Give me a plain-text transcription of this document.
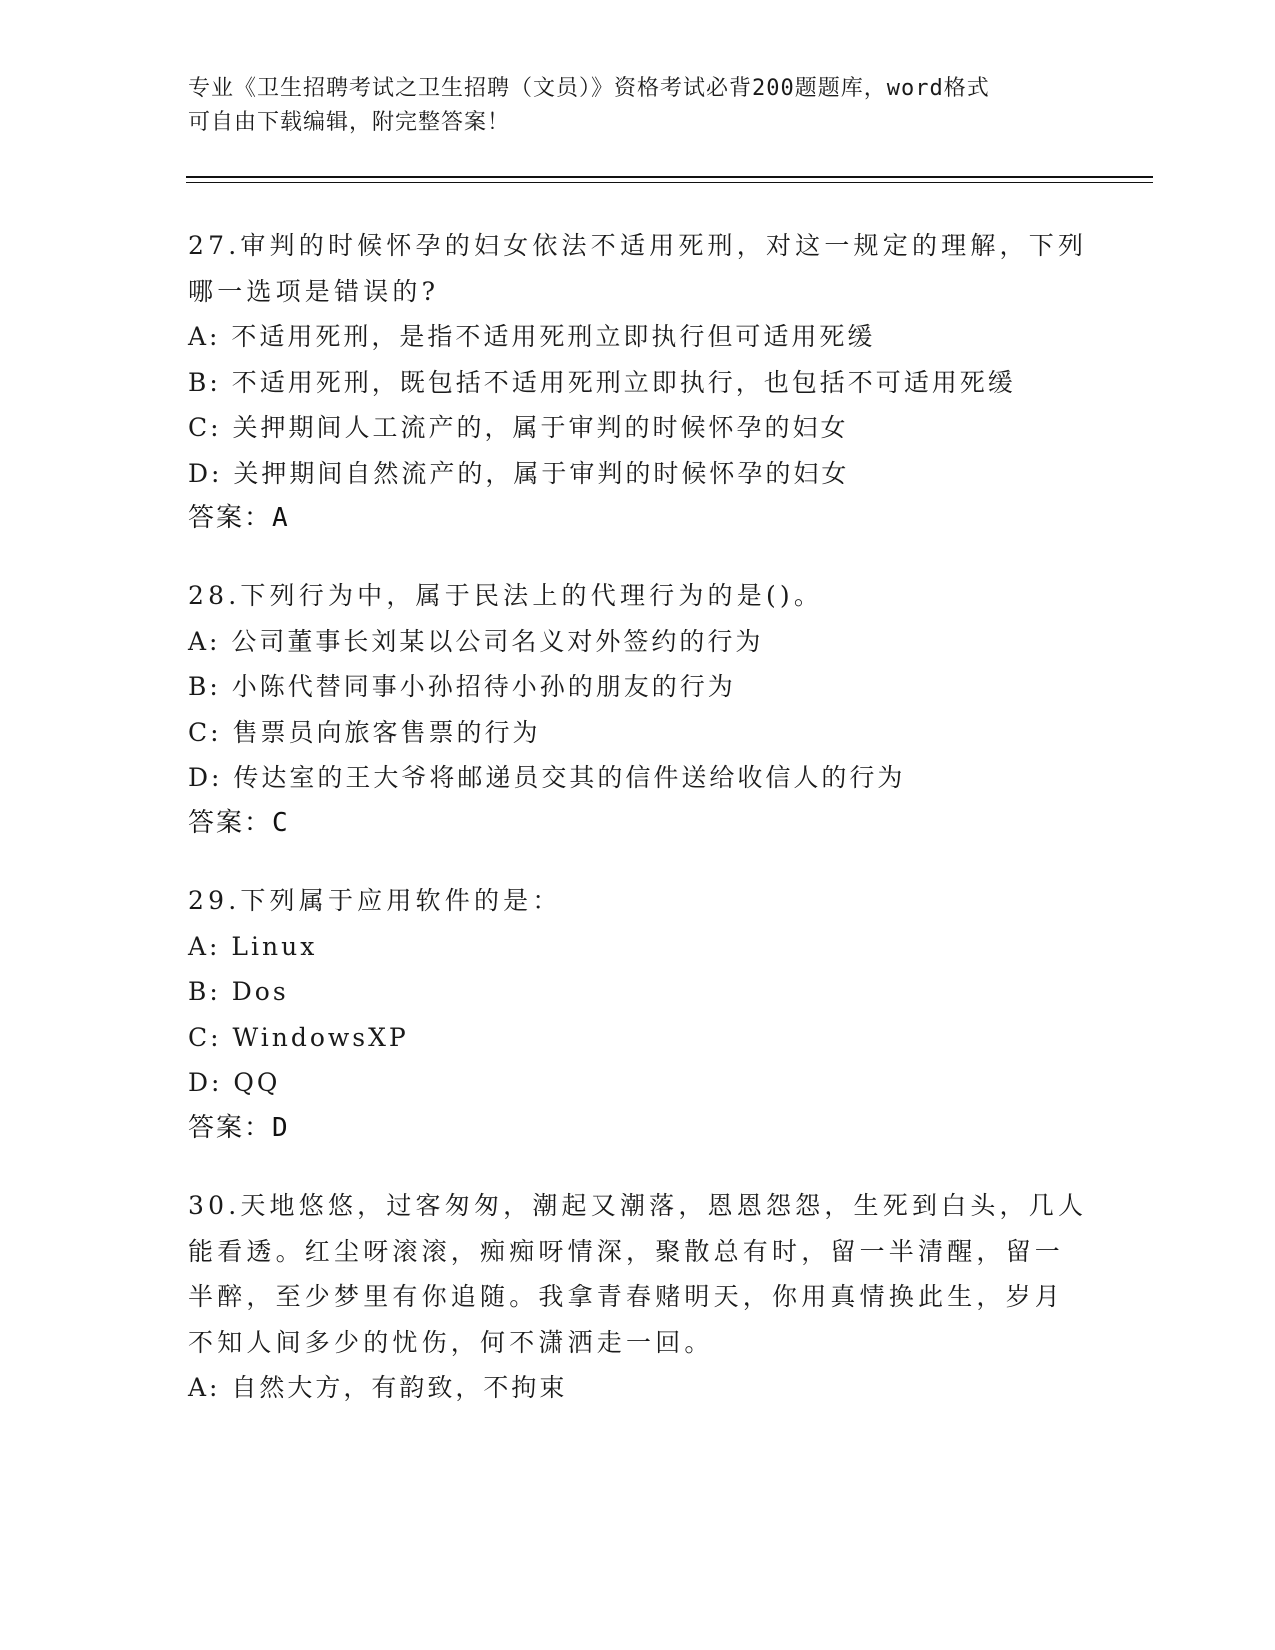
专业《卫生招聘考试之卫生招聘（文员）》资格考试必背200题题库，word格式
可自由下载编辑，附完整答案！
27.审判的时候怀孕的妇女依法不适用死刑，对这一规定的理解，下列哪一选项是错误的?
A: 不适用死刑，是指不适用死刑立即执行但可适用死缓
B: 不适用死刑，既包括不适用死刑立即执行，也包括不可适用死缓
C: 关押期间人工流产的，属于审判的时候怀孕的妇女
D: 关押期间自然流产的，属于审判的时候怀孕的妇女
答案：A
28.下列行为中，属于民法上的代理行为的是()。
A: 公司董事长刘某以公司名义对外签约的行为
B: 小陈代替同事小孙招待小孙的朋友的行为
C: 售票员向旅客售票的行为
D: 传达室的王大爷将邮递员交其的信件送给收信人的行为
答案：C
29.下列属于应用软件的是：
A: Linux
B: Dos
C: WindowsXP
D: QQ
答案：D
30.天地悠悠，过客匆匆，潮起又潮落，恩恩怨怨，生死到白头，几人能看透。红尘呀滚滚，痴痴呀情深，聚散总有时，留一半清醒，留一半醉，至少梦里有你追随。我拿青春赌明天，你用真情换此生，岁月不知人间多少的忧伤，何不潇洒走一回。
A: 自然大方，有韵致，不拘束
